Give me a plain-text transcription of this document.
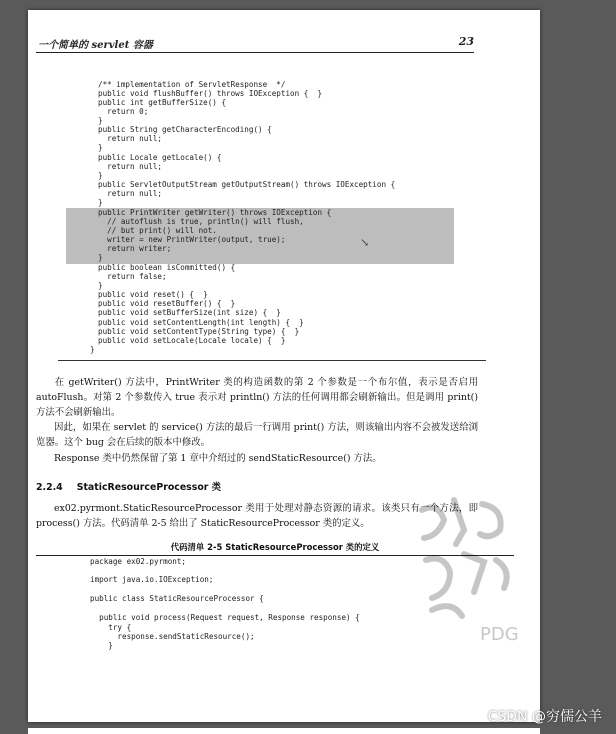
一个简单的 servlet 容器	23
/** implementation of ServletResponse  */
public void flushBuffer() throws IOException {  }
public int getBufferSize() {
return 0;
}
public String getCharacterEncoding() {
return null;
}
public Locale getLocale() {
return null;
}
public ServletOutputStream getOutputStream() throws IOException {
return null;
}
public PrintWriter getWriter() throws IOException {
// autoflush is true, println() will flush,
// but print() will not.
writer = new PrintWriter(output, true);
return writer;
}
public boolean isCommitted() {
return false;
}
public void reset() {  }
public void resetBuffer() {  }
public void setBufferSize(int size) {  }
public void setContentLength(int length) {  }
public void setContentType(String type) {  }
public void setLocale(Locale locale) {  }
}
↘
在 getWriter() 方法中，PrintWriter 类的构造函数的第 2 个参数是一个布尔值，表示是否启用 autoFlush。对第 2 个参数传入 true 表示对 println() 方法的任何调用都会刷新输出。但是调用 print() 方法不会刷新输出。
因此，如果在 servlet 的 service() 方法的最后一行调用 print() 方法，则该输出内容不会被发送给浏览器。这个 bug 会在后续的版本中修改。
Response 类中仍然保留了第 1 章中介绍过的 sendStaticResource() 方法。
2.2.4 StaticResourceProcessor 类
ex02.pyrmont.StaticResourceProcessor 类用于处理对静态资源的请求。该类只有一个方法，即 process() 方法。代码清单 2-5 给出了 StaticResourceProcessor 类的定义。
代码清单 2-5 StaticResourceProcessor 类的定义
package ex02.pyrmont;
import java.io.IOException;
public class StaticResourceProcessor {
public void process(Request request, Response response) {
try {
response.sendStaticResource();
}
PDG
CSDN @穷儒公羊
